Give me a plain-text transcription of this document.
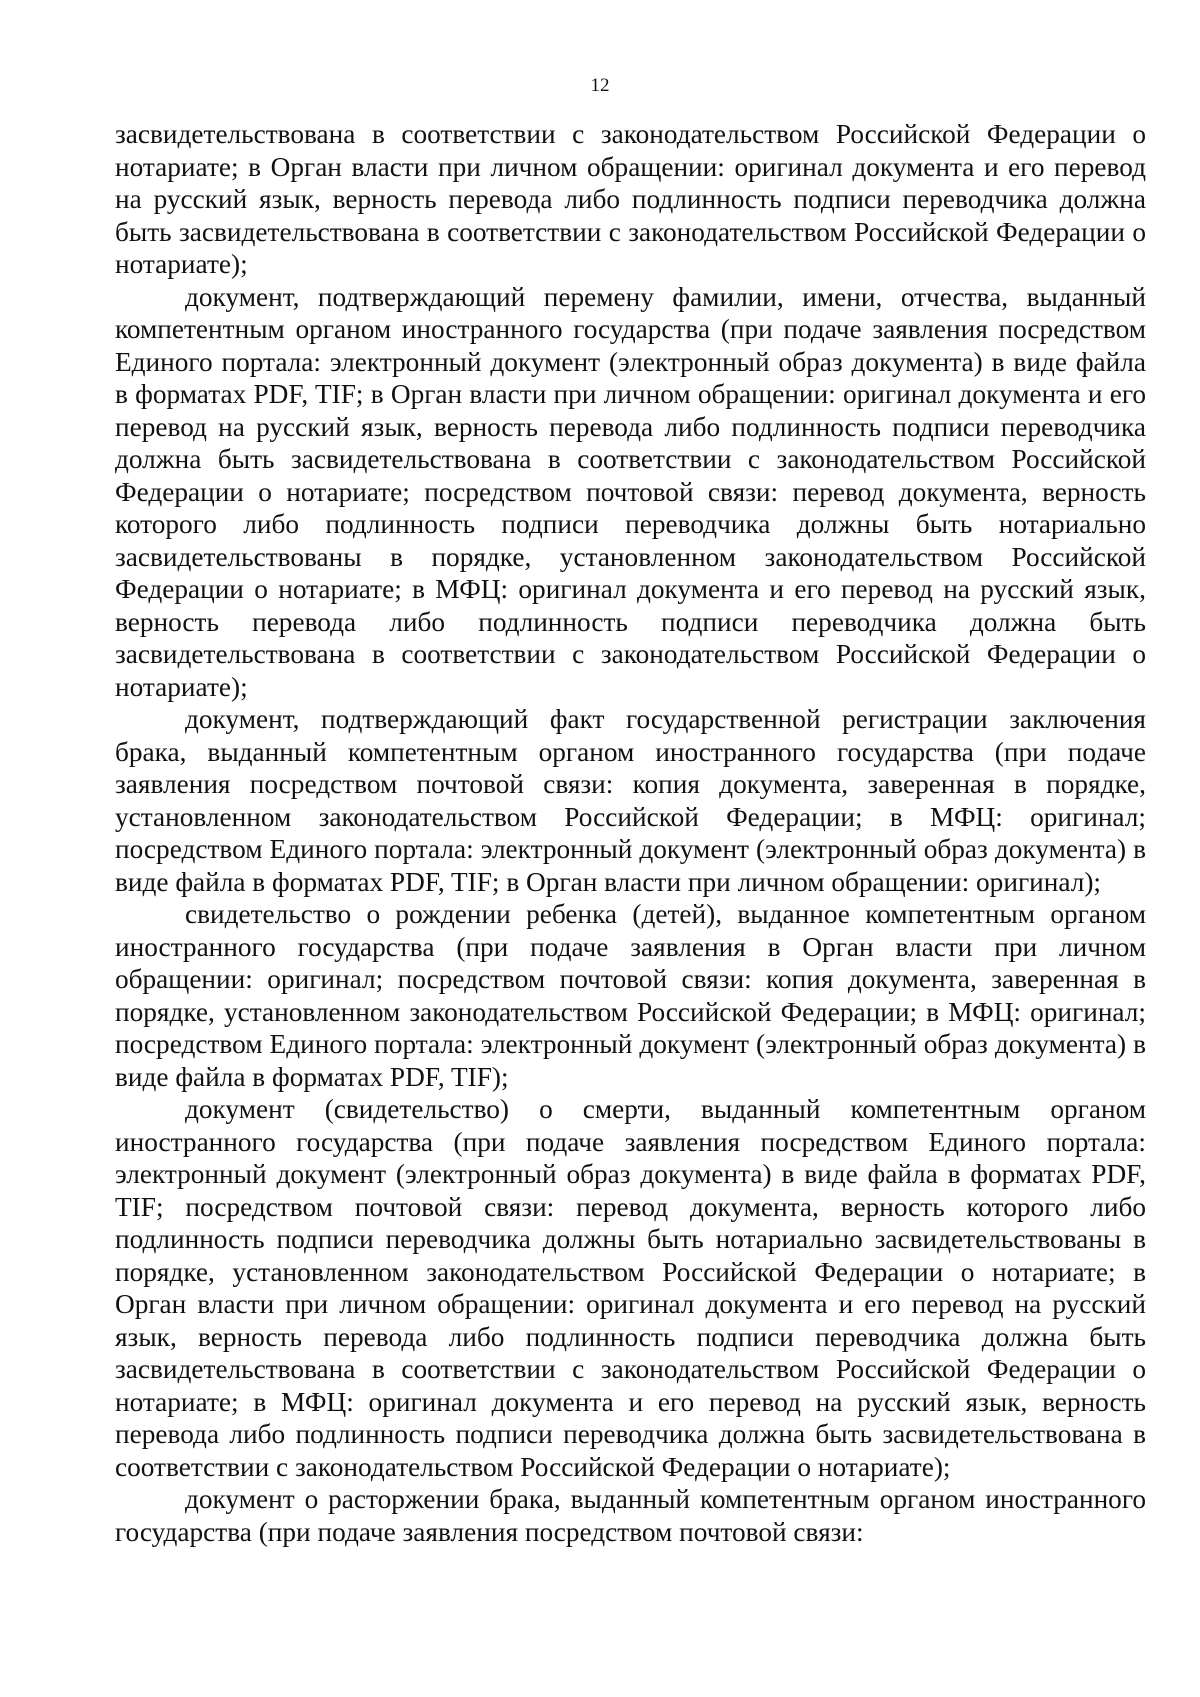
12

засвидетельствована в соответствии с законодательством Российской Федерации о нотариате; в Орган власти при личном обращении: оригинал документа и его перевод на русский язык, верность перевода либо подлинность подписи переводчика должна быть засвидетельствована в соответствии с законодательством Российской Федерации о нотариате);

документ, подтверждающий перемену фамилии, имени, отчества, выданный компетентным органом иностранного государства (при подаче заявления посредством Единого портала: электронный документ (электронный образ документа) в виде файла в форматах PDF, TIF; в Орган власти при личном обращении: оригинал документа и его перевод на русский язык, верность перевода либо подлинность подписи переводчика должна быть засвидетельствована в соответствии с законодательством Российской Федерации о нотариате; посредством почтовой связи: перевод документа, верность которого либо подлинность подписи переводчика должны быть нотариально засвидетельствованы в порядке, установленном законодательством Российской Федерации о нотариате; в МФЦ: оригинал документа и его перевод на русский язык, верность перевода либо подлинность подписи переводчика должна быть засвидетельствована в соответствии с законодательством Российской Федерации о нотариате);

документ, подтверждающий факт государственной регистрации заключения брака, выданный компетентным органом иностранного государства (при подаче заявления посредством почтовой связи: копия документа, заверенная в порядке, установленном законодательством Российской Федерации; в МФЦ: оригинал; посредством Единого портала: электронный документ (электронный образ документа) в виде файла в форматах PDF, TIF; в Орган власти при личном обращении: оригинал);

свидетельство о рождении ребенка (детей), выданное компетентным органом иностранного государства (при подаче заявления в Орган власти при личном обращении: оригинал; посредством почтовой связи: копия документа, заверенная в порядке, установленном законодательством Российской Федерации; в МФЦ: оригинал; посредством Единого портала: электронный документ (электронный образ документа) в виде файла в форматах PDF, TIF);

документ (свидетельство) о смерти, выданный компетентным органом иностранного государства (при подаче заявления посредством Единого портала: электронный документ (электронный образ документа) в виде файла в форматах PDF, TIF; посредством почтовой связи: перевод документа, верность которого либо подлинность подписи переводчика должны быть нотариально засвидетельствованы в порядке, установленном законодательством Российской Федерации о нотариате; в Орган власти при личном обращении: оригинал документа и его перевод на русский язык, верность перевода либо подлинность подписи переводчика должна быть засвидетельствована в соответствии с законодательством Российской Федерации о нотариате; в МФЦ: оригинал документа и его перевод на русский язык, верность перевода либо подлинность подписи переводчика должна быть засвидетельствована в соответствии с законодательством Российской Федерации о нотариате);

документ о расторжении брака, выданный компетентным органом иностранного государства (при подаче заявления посредством почтовой связи:
